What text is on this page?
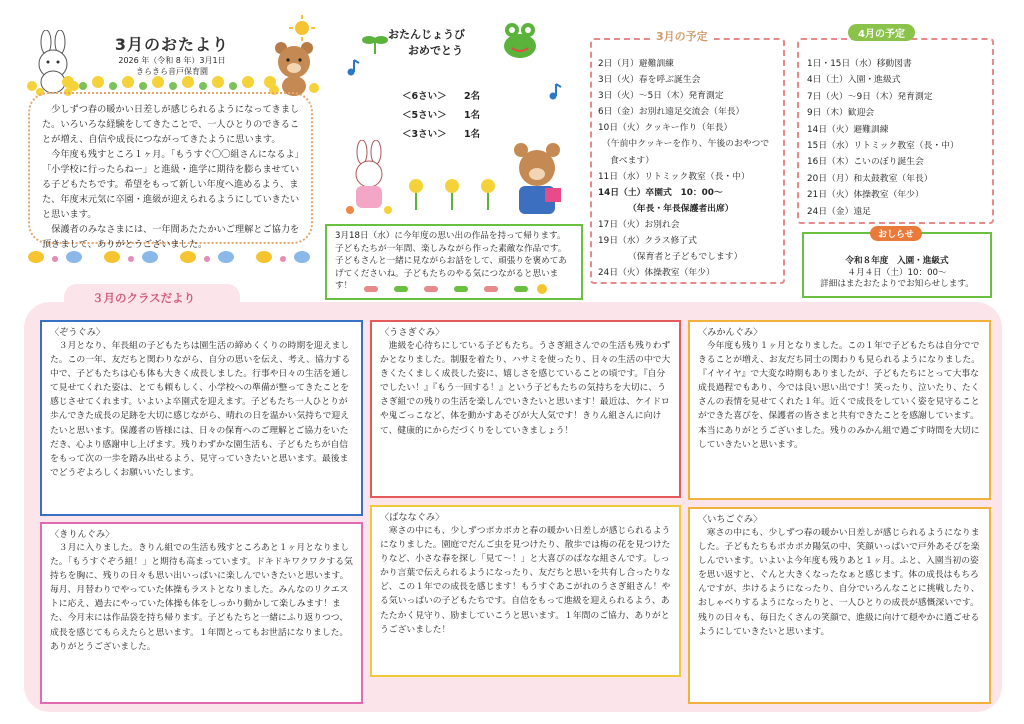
3月のおたより
2026 年（令和 8 年）3月1日
きらきら音戸保育園

少しずつ春の暖かい日差しが感じられるようになってきました。いろいろな経験をしてきたことで、一人ひとりのできることが増え、自信や成長につながってきたように思います。

今年度も残すところ１ヶ月。「もうすぐ〇〇組さんになるよ」「小学校に行ったらねー」と進級・進学に期待を膨らませている子どもたちです。希望をもって新しい年度へ進めるよう、また、年度末元気に卒園・進級が迎えられるようにしていきたいと思います。

保護者のみなさまには、一年間あたたかいご理解とご協力を頂きまして、ありがとうございました。

おたんじょうび
おめでとう
＜6さい＞ 2名
＜5さい＞ 1名
＜3さい＞ 1名

3月18日（水）に今年度の思い出の作品を持って帰ります。子どもたちが一年間、楽しみながら作った素敵な作品です。子どもさんと一緒に見ながらお話をして、頑張りを褒めてあげてくださいね。子どもたちのやる気につながると思います！

2日（月）避難訓練
3日（火）春を呼ぶ誕生会
3日（火）～5日（木）発育測定
6日（金）お別れ遠足交流会（年長）
10日（火）クッキー作り（年長）
（午前中クッキーを作り、午後のおやつで
食べます）
11日（水）リトミック教室（長・中）
14日（土）卒園式　10：00～
（年長・年長保護者出席）
17日（火）お別れ会
19日（水）クラス修了式
（保育者と子どもでします）
24日（火）体操教室（年少）
3月の予定
1日・15日（水）移動図書
4日（土）入園・進級式
7日（火）～9日（木）発育測定
9日（木）歓迎会
14日（火）避難訓練
15日（水）リトミック教室（長・中）
16日（木）こいのぼり誕生会
20日（月）和太鼓教室（年長）
21日（火）体操教室（年少）
24日（金）遠足
4月の予定
令和８年度　入園・進級式
４月４日（土）10：00～
詳細はまたおたよりでお知らせします。
おしらせ
３月のクラスだより
〈ぞうぐみ〉

３月となり、年長組の子どもたちは園生活の締めくくりの時期を迎えました。この一年、友だちと関わりながら、自分の思いを伝え、考え、協力する中で、子どもたちは心も体も大きく成長しました。行事や日々の生活を通して見せてくれた姿は、とても頼もしく、小学校への準備が整ってきたことを感じさせてくれます。いよいよ卒園式を迎えます。子どもたち一人ひとりが歩んできた成長の足跡を大切に感じながら、晴れの日を温かい気持ちで迎えたいと思います。保護者の皆様には、日々の保育へのご理解とご協力をいただき、心より感謝申し上げます。残りわずかな園生活も、子どもたちが自信をもって次の一歩を踏み出せるよう、見守っていきたいと思います。最後までどうぞよろしくお願いいたします。

〈きりんぐみ〉

３月に入りました。きりん組での生活も残すところあと１ヶ月となりました。「もうすぐぞう組！」と期待も高まっています。ドキドキワクワクする気持ちを胸に、残りの日々も思い出いっぱいに楽しんでいきたいと思います。毎月、月替わりでやっていた体操もラストとなりました。みんなのリクエストに応え、過去にやっていた体操も体をしっかり動かして楽しみます！また、今月末には作品袋を持ち帰ります。子どもたちと一緒にふり返りつつ、成長を感じてもらえたらと思います。１年間とってもお世話になりました。ありがとうございました。

〈うさぎぐみ〉

進級を心待ちにしている子どもたち。うさぎ組さんでの生活も残りわずかとなりました。制服を着たり、ハサミを使ったり、日々の生活の中で大きくたくましく成長した姿に、嬉しさを感じていることの頃です。『自分でしたい！』『もう一回する！』という子どもたちの気持ちを大切に、うさぎ組での残りの生活を楽しんでいきたいと思います！最近は、ケイドロや鬼ごっこなど、体を動かすあそびが大人気です！きりん組さんに向けて、健康的にからだづくりをしていきましょう！

〈ばななぐみ〉

寒さの中にも、少しずつポカポカと春の暖かい日差しが感じられるようになりました。園庭でだんご虫を見つけたり、散歩では梅の花を見つけたりなど、小さな春を探し「見て～！」と大喜びのばなな組さんです。しっかり言葉で伝えられるようになったり、友だちと思いを共有し合ったりなど、この１年での成長を感じます！もうすぐあこがれのうさぎ組さん！やる気いっぱいの子どもたちです。自信をもって進級を迎えられるよう、あたたかく見守り、励ましていこうと思います。１年間のご協力、ありがとうございました！

〈みかんぐみ〉

今年度も残り１ヶ月となりました。この１年で子どもたちは自分でできることが増え、お友だち同士の関わりも見られるようになりました。『イヤイヤ』で大変な時期もありましたが、子どもたちにとって大事な成長過程でもあり、今では良い思い出です！笑ったり、泣いたり、たくさんの表情を見せてくれた１年。近くで成長をしていく姿を見守ることができた喜びを、保護者の皆さまと共有できたことを感謝しています。本当にありがとうございました。残りのみかん組で過ごす時間を大切にしていきたいと思います。

〈いちごぐみ〉

寒さの中にも、少しずつ春の暖かい日差しが感じられるようになりました。子どもたちもポカポカ陽気の中、笑顔いっぱいで戸外あそびを楽しんでいます。いよいよ今年度も残りあと１ヶ月。ふと、入園当初の姿を思い返すと、ぐんと大きくなったなぁと感じます。体の成長はもちろんですが、歩けるようになったり、自分でいろんなことに挑戦したり、おしゃべりするようになったりと、一人ひとりの成長が感慨深いです。残りの日々も、毎日たくさんの笑顔で、進級に向けて穏やかに過ごせるようにしていきたいと思います。
